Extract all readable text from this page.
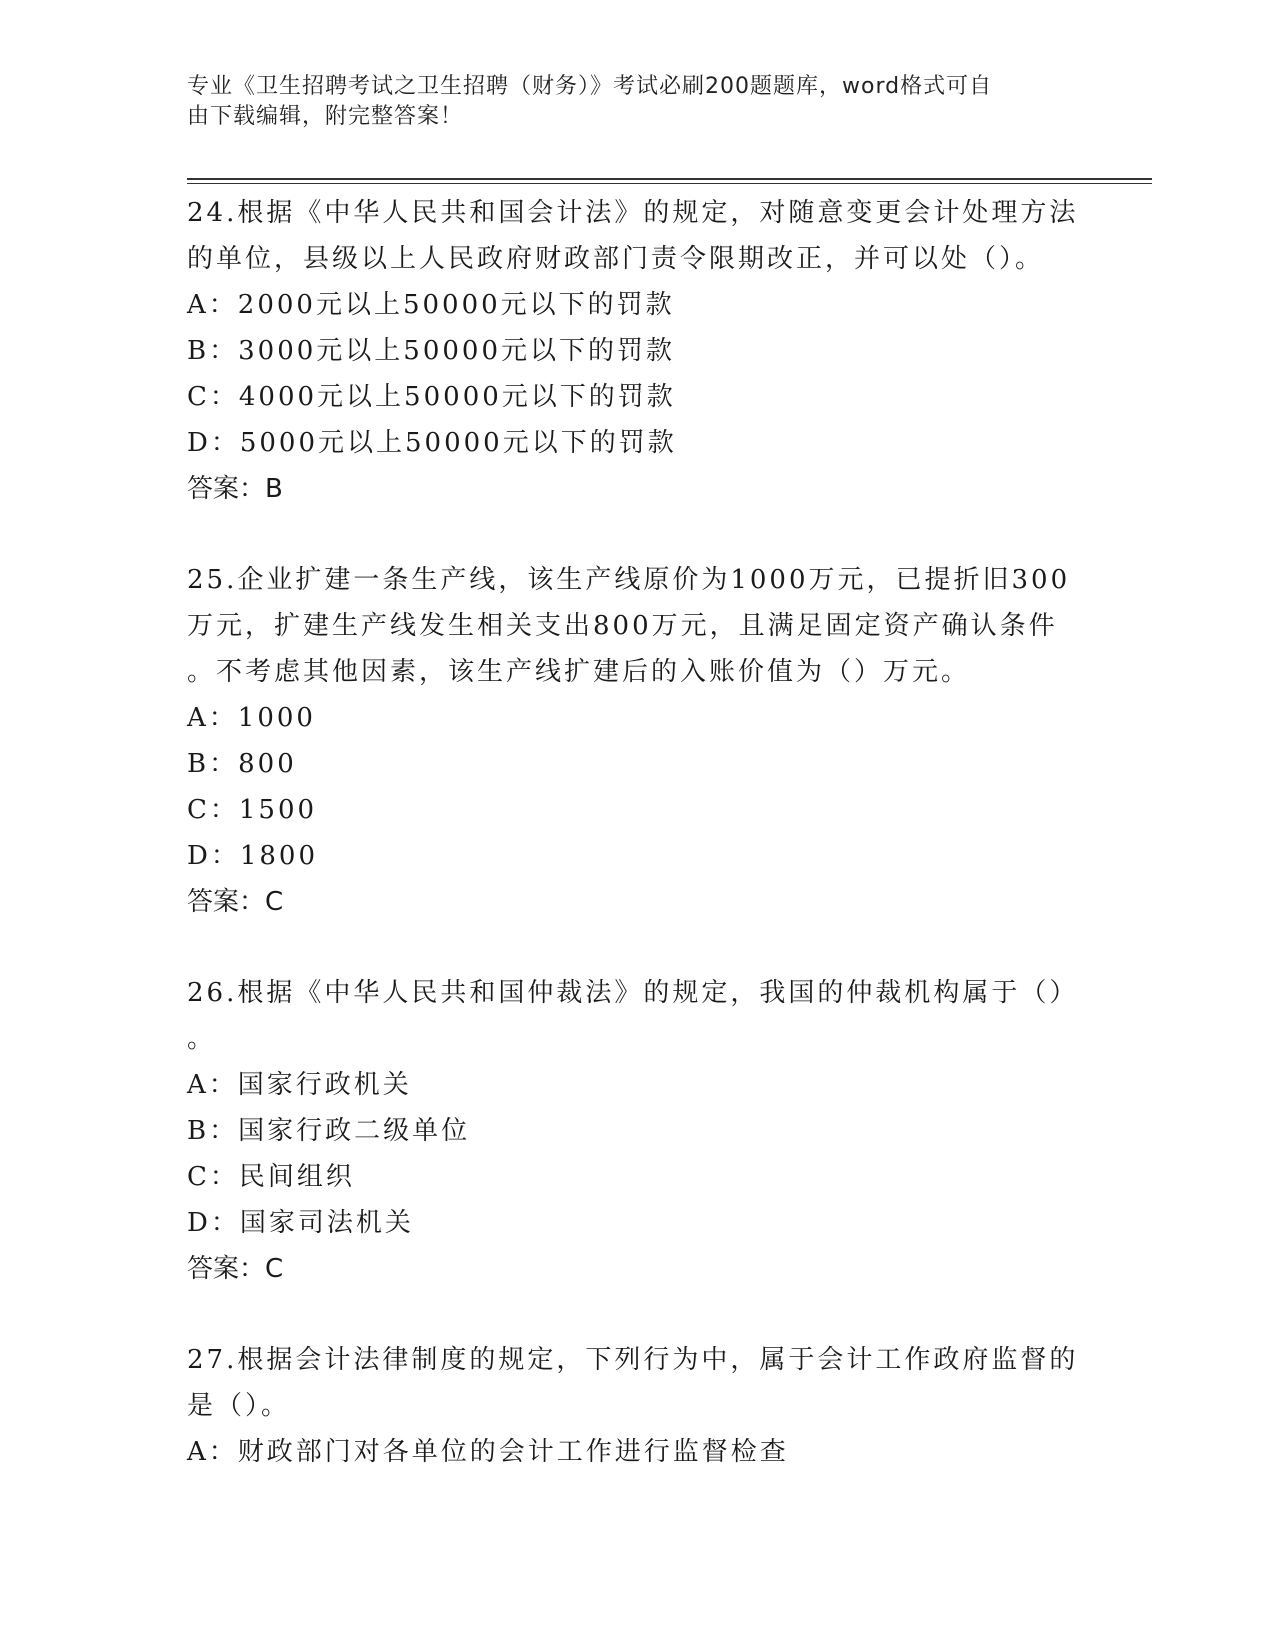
专业《卫生招聘考试之卫生招聘（财务）》考试必刷200题题库，word格式可自
由下载编辑，附完整答案！
24.根据《中华人民共和国会计法》的规定，对随意变更会计处理方法
的单位，县级以上人民政府财政部门责令限期改正，并可以处（）。
A：2000元以上50000元以下的罚款
B：3000元以上50000元以下的罚款
C：4000元以上50000元以下的罚款
D：5000元以上50000元以下的罚款
答案：B
25.企业扩建一条生产线，该生产线原价为1000万元，已提折旧300
万元，扩建生产线发生相关支出800万元，且满足固定资产确认条件
。不考虑其他因素，该生产线扩建后的入账价值为（）万元。
A：1000
B：800
C：1500
D：1800
答案：C
26.根据《中华人民共和国仲裁法》的规定，我国的仲裁机构属于（）
。
A：国家行政机关
B：国家行政二级单位
C：民间组织
D：国家司法机关
答案：C
27.根据会计法律制度的规定，下列行为中，属于会计工作政府监督的
是（）。
A：财政部门对各单位的会计工作进行监督检查
